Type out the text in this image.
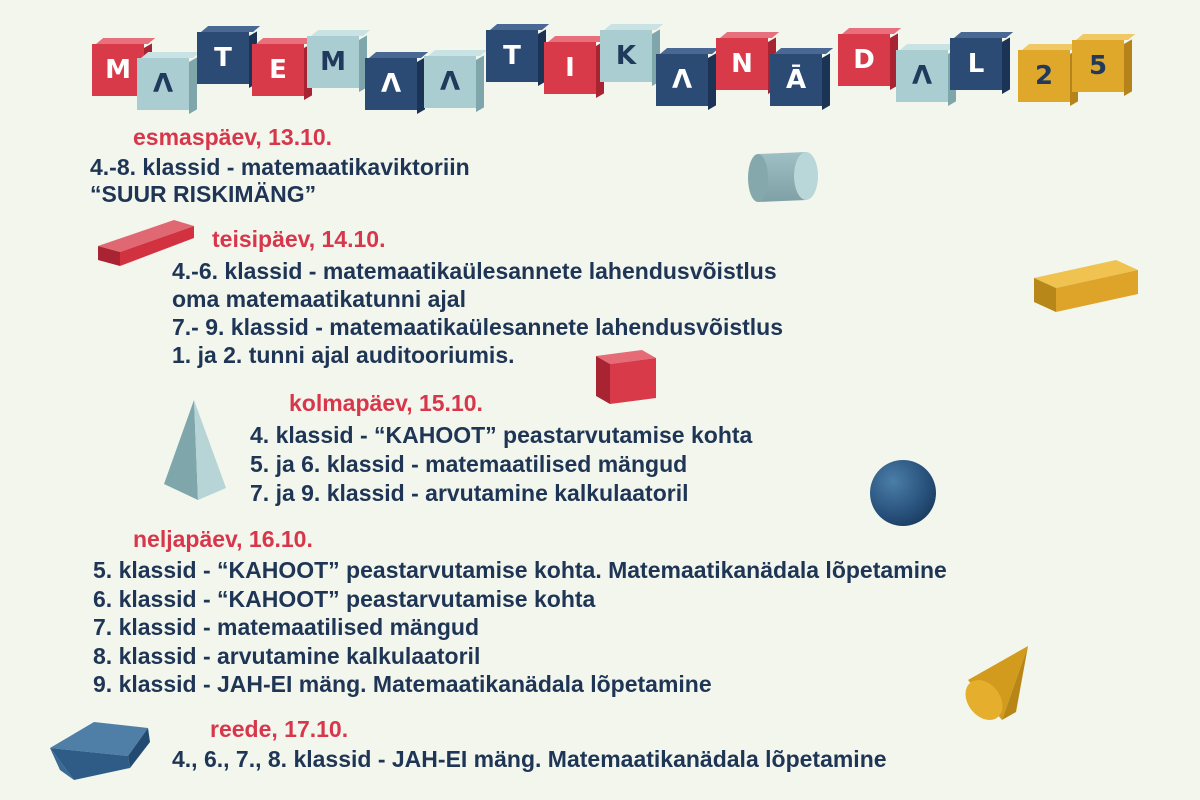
M Λ
T	E	M
Λ	Λ
T	I	K
Λ
N
Ā
D
Λ	L	2	5
esmaspäev, 13.10.
4.-8. klassid - matemaatikaviktoriin
“SUUR RISKIMÄNG”
teisipäev, 14.10.
4.-6. klassid - matemaatikaülesannete lahendusvõistlus
oma matemaatikatunni ajal
7.- 9. klassid - matemaatikaülesannete lahendusvõistlus
1. ja 2. tunni ajal auditooriumis.
kolmapäev, 15.10.
4. klassid - “KAHOOT” peastarvutamise kohta
5. ja 6. klassid - matemaatilised mängud
7. ja 9. klassid - arvutamine kalkulaatoril
neljapäev, 16.10.
5. klassid - “KAHOOT” peastarvutamise kohta. Matemaatikanädala lõpetamine
6. klassid - “KAHOOT” peastarvutamise kohta
7. klassid - matemaatilised mängud
8. klassid - arvutamine kalkulaatoril
9. klassid - JAH-EI mäng. Matemaatikanädala lõpetamine
reede, 17.10.
4., 6., 7., 8. klassid - JAH-EI mäng. Matemaatikanädala lõpetamine
